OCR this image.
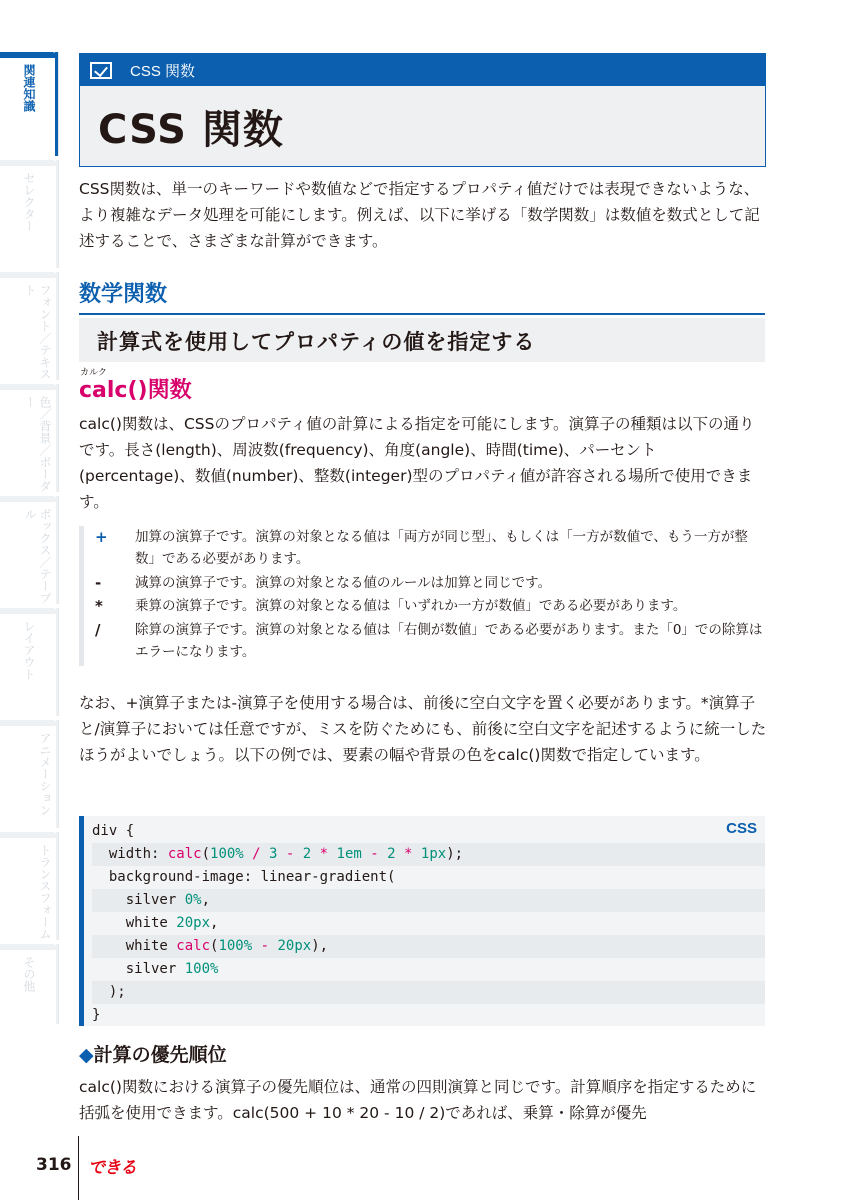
関連知識
セレクター
フォント／テキスト
色／背景／ボーダー
ボックス／テーブル
レイアウト
アニメーション
トランスフォーム
その他
CSS 関数
CSS 関数
CSS関数は、単一のキーワードや数値などで指定するプロパティ値だけでは表現できないような、より複雑なデータ処理を可能にします。例えば、以下に挙げる「数学関数」は数値を数式として記述することで、さまざまな計算ができます。
数学関数
計算式を使用してプロパティの値を指定する
カルク
calc()関数
calc()関数は、CSSのプロパティ値の計算による指定を可能にします。演算子の種類は以下の通りです。長さ(length)、周波数(frequency)、角度(angle)、時間(time)、パーセント(percentage)、数値(number)、整数(integer)型のプロパティ値が許容される場所で使用できます。
+ 加算の演算子です。演算の対象となる値は「両方が同じ型」、もしくは「一方が数値で、もう一方が整数」である必要があります。
-	減算の演算子です。演算の対象となる値のルールは加算と同じです。
*	乗算の演算子です。演算の対象となる値は「いずれか一方が数値」である必要があります。
/	除算の演算子です。演算の対象となる値は「右側が数値」である必要があります。また「0」での除算はエラーになります。
なお、+演算子または-演算子を使用する場合は、前後に空白文字を置く必要があります。*演算子と/演算子においては任意ですが、ミスを防ぐためにも、前後に空白文字を記述するように統一したほうがよいでしょう。以下の例では、要素の幅や背景の色をcalc()関数で指定しています。
CSS
div {
width: calc(100% / 3 - 2 * 1em - 2 * 1px);
background-image: linear-gradient(
silver 0%,
white 20px,
white calc(100% - 20px),
silver 100%
);
}
◆計算の優先順位
calc()関数における演算子の優先順位は、通常の四則演算と同じです。計算順序を指定するために括弧を使用できます。calc(500 + 10 * 20 - 10 / 2)であれば、乗算・除算が優先
316 できる
